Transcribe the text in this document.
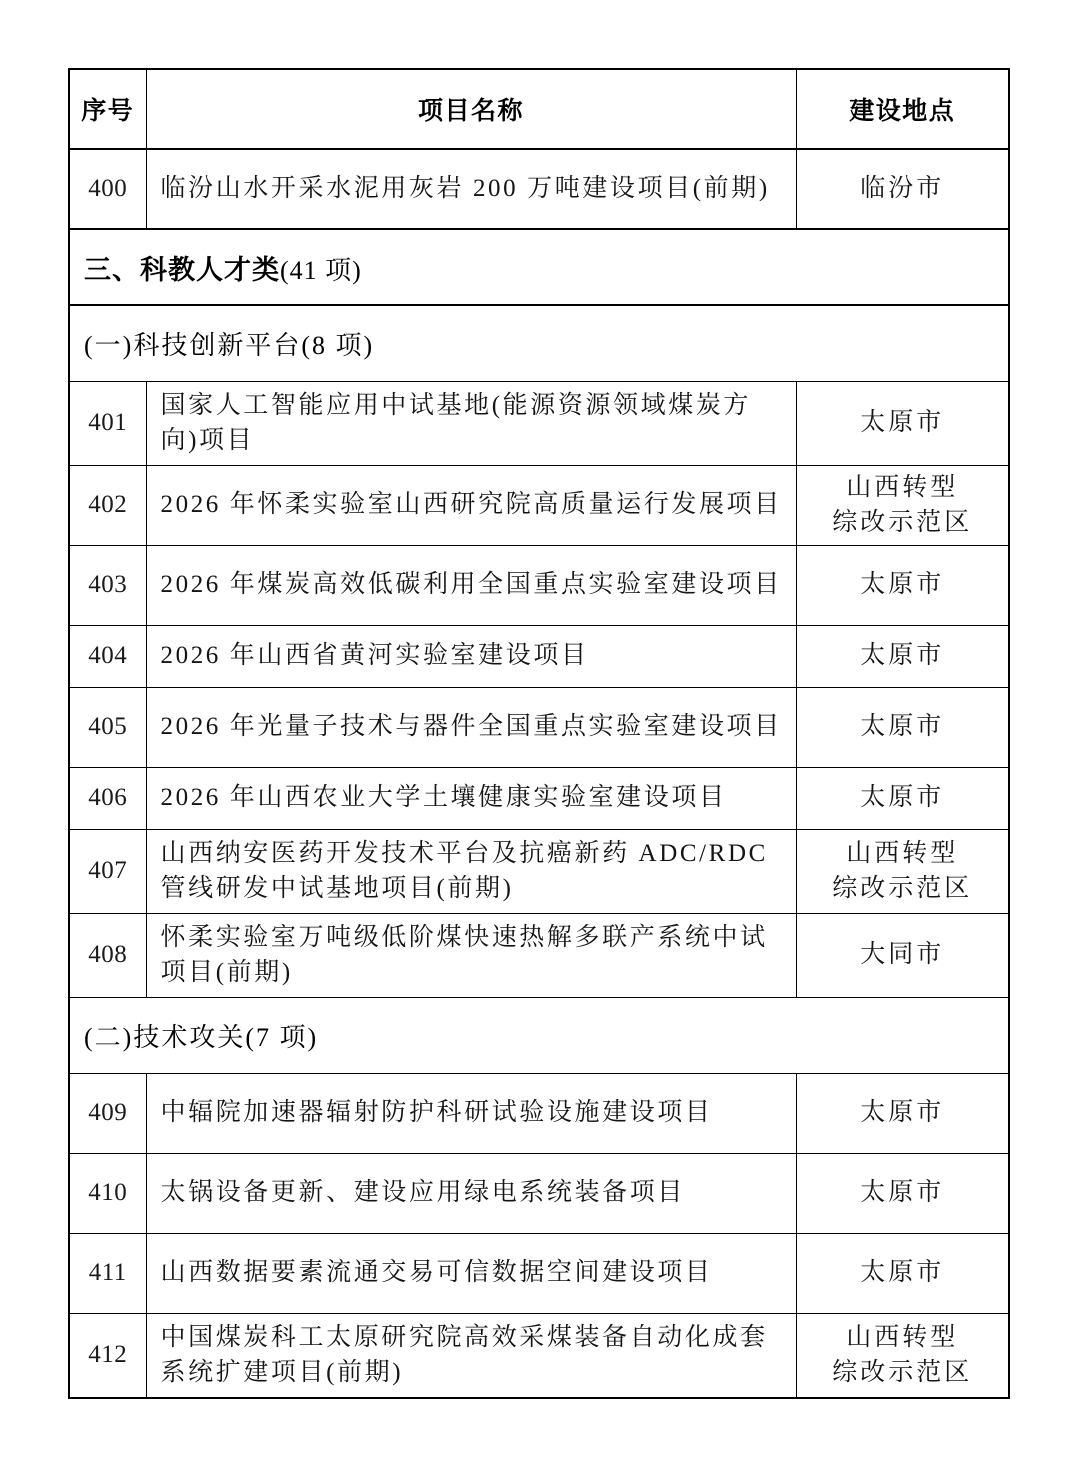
序号	项目名称	建设地点
400	临汾山水开采水泥用灰岩 200 万吨建设项目(前期)	临汾市
三、科教人才类(41 项)		
(一)科技创新平台(8 项)		
401	国家人工智能应用中试基地(能源资源领域煤炭方向)项目	太原市
402	2026 年怀柔实验室山西研究院高质量运行发展项目	山西转型
综改示范区
403	2026 年煤炭高效低碳利用全国重点实验室建设项目	太原市
404	2026 年山西省黄河实验室建设项目	太原市
405	2026 年光量子技术与器件全国重点实验室建设项目	太原市
406	2026 年山西农业大学土壤健康实验室建设项目	太原市
407	山西纳安医药开发技术平台及抗癌新药 ADC/RDC 管线研发中试基地项目(前期)	山西转型
综改示范区
408	怀柔实验室万吨级低阶煤快速热解多联产系统中试项目(前期)	大同市
(二)技术攻关(7 项)		
409	中辐院加速器辐射防护科研试验设施建设项目	太原市
410	太锅设备更新、建设应用绿电系统装备项目	太原市
411	山西数据要素流通交易可信数据空间建设项目	太原市
412	中国煤炭科工太原研究院高效采煤装备自动化成套系统扩建项目(前期)	山西转型
综改示范区
